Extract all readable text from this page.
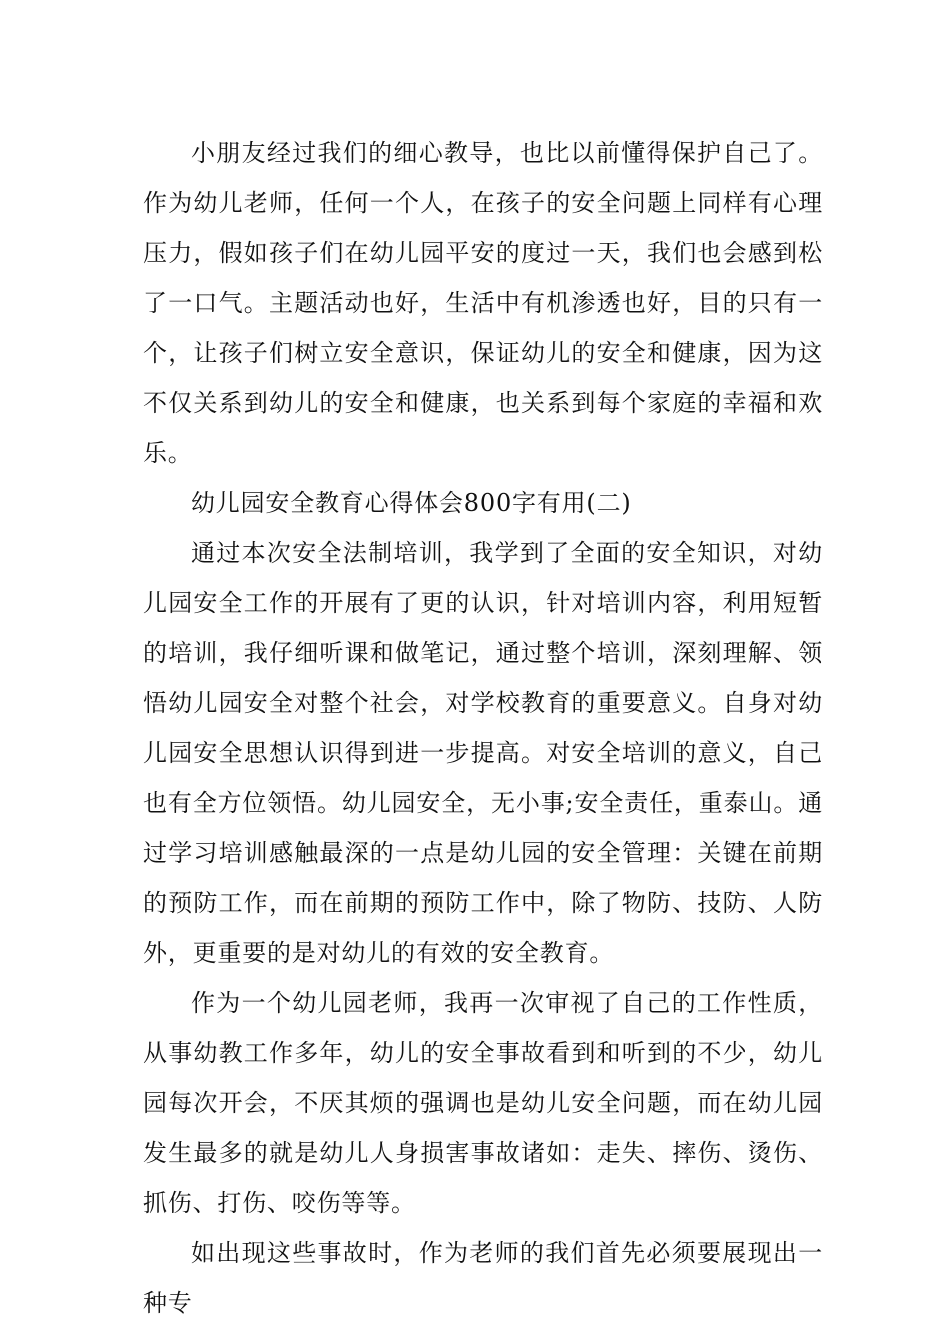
小朋友经过我们的细心教导，也比以前懂得保护自己了。作为幼儿老师，任何一个人，在孩子的安全问题上同样有心理压力，假如孩子们在幼儿园平安的度过一天，我们也会感到松了一口气。主题活动也好，生活中有机渗透也好，目的只有一个，让孩子们树立安全意识，保证幼儿的安全和健康，因为这不仅关系到幼儿的安全和健康，也关系到每个家庭的幸福和欢乐。

幼儿园安全教育心得体会800字有用(二)

通过本次安全法制培训，我学到了全面的安全知识，对幼儿园安全工作的开展有了更的认识，针对培训内容，利用短暂的培训，我仔细听课和做笔记，通过整个培训，深刻理解、领悟幼儿园安全对整个社会，对学校教育的重要意义。自身对幼儿园安全思想认识得到进一步提高。对安全培训的意义，自己也有全方位领悟。幼儿园安全，无小事;安全责任，重泰山。通过学习培训感触最深的一点是幼儿园的安全管理：关键在前期的预防工作，而在前期的预防工作中，除了物防、技防、人防外，更重要的是对幼儿的有效的安全教育。

作为一个幼儿园老师，我再一次审视了自己的工作性质，从事幼教工作多年，幼儿的安全事故看到和听到的不少，幼儿园每次开会，不厌其烦的强调也是幼儿安全问题，而在幼儿园发生最多的就是幼儿人身损害事故诸如：走失、摔伤、烫伤、抓伤、打伤、咬伤等等。

如出现这些事故时，作为老师的我们首先必须要展现出一种专
